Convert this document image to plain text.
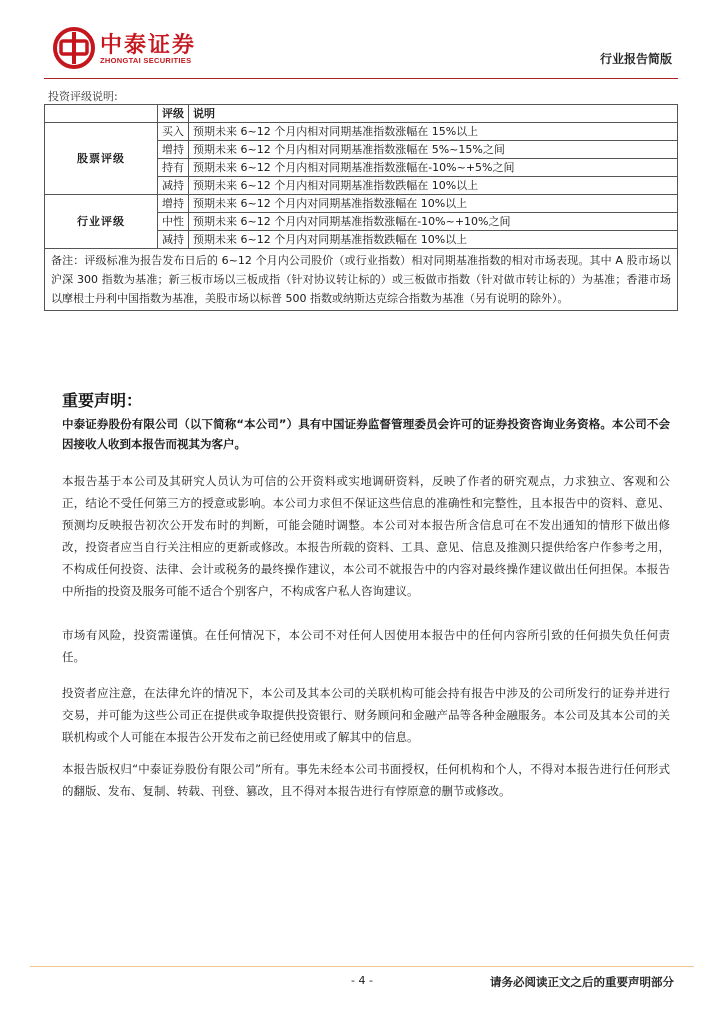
中泰证券
ZHONGTAI SECURITIES	行业报告简版
投资评级说明:
	评级	说明
股票评级	买入	预期未来 6~12 个月内相对同期基准指数涨幅在 15%以上
	增持	预期未来 6~12 个月内相对同期基准指数涨幅在 5%~15%之间
	持有	预期未来 6~12 个月内相对同期基准指数涨幅在-10%~+5%之间
	减持	预期未来 6~12 个月内相对同期基准指数跌幅在 10%以上
行业评级	增持	预期未来 6~12 个月内对同期基准指数涨幅在 10%以上
	中性	预期未来 6~12 个月内对同期基准指数涨幅在-10%~+10%之间
	减持	预期未来 6~12 个月内对同期基准指数跌幅在 10%以上
备注：评级标准为报告发布日后的 6~12 个月内公司股价（或行业指数）相对同期基准指数的相对市场表现。其中 A 股市场以沪深 300 指数为基准；新三板市场以三板成指（针对协议转让标的）或三板做市指数（针对做市转让标的）为基准；香港市场以摩根士丹利中国指数为基准，美股市场以标普 500 指数或纳斯达克综合指数为基准（另有说明的除外）。		
重要声明：
中泰证券股份有限公司（以下简称“本公司”）具有中国证券监督管理委员会许可的证券投资咨询业务资格。本公司不会因接收人收到本报告而视其为客户。
本报告基于本公司及其研究人员认为可信的公开资料或实地调研资料，反映了作者的研究观点，力求独立、客观和公正，结论不受任何第三方的授意或影响。本公司力求但不保证这些信息的准确性和完整性，且本报告中的资料、意见、预测均反映报告初次公开发布时的判断，可能会随时调整。本公司对本报告所含信息可在不发出通知的情形下做出修改，投资者应当自行关注相应的更新或修改。本报告所载的资料、工具、意见、信息及推测只提供给客户作参考之用，不构成任何投资、法律、会计或税务的最终操作建议，本公司不就报告中的内容对最终操作建议做出任何担保。本报告中所指的投资及服务可能不适合个别客户，不构成客户私人咨询建议。
市场有风险，投资需谨慎。在任何情况下，本公司不对任何人因使用本报告中的任何内容所引致的任何损失负任何责任。
投资者应注意，在法律允许的情况下，本公司及其本公司的关联机构可能会持有报告中涉及的公司所发行的证券并进行交易，并可能为这些公司正在提供或争取提供投资银行、财务顾问和金融产品等各种金融服务。本公司及其本公司的关联机构或个人可能在本报告公开发布之前已经使用或了解其中的信息。
本报告版权归“中泰证券股份有限公司”所有。事先未经本公司书面授权，任何机构和个人，不得对本报告进行任何形式的翻版、发布、复制、转载、刊登、篡改，且不得对本报告进行有悖原意的删节或修改。
- 4 -	请务必阅读正文之后的重要声明部分
